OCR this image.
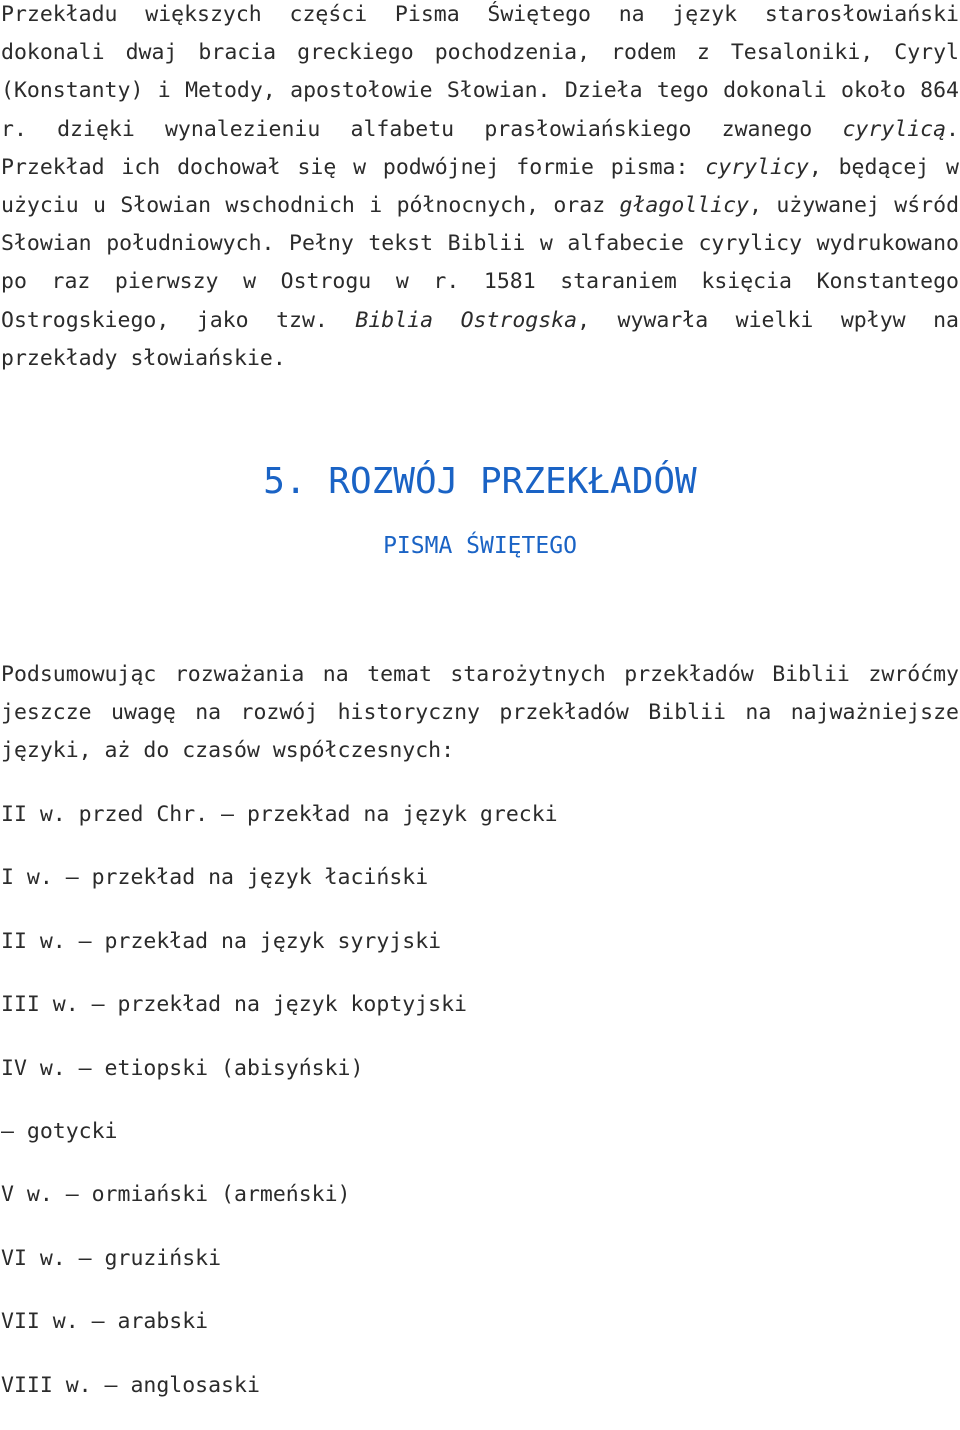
Przekładu większych części Pisma Świętego na język starosłowiański dokonali dwaj bracia greckiego pochodzenia, rodem z Tesaloniki, Cyryl (Konstanty) i Metody, apostołowie Słowian. Dzieła tego dokonali około 864 r. dzięki wynalezieniu alfabetu prasłowiańskiego zwanego cyrylicą. Przekład ich dochował się w podwójnej formie pisma: cyrylicy, będącej w użyciu u Słowian wschodnich i północnych, oraz głagollicy, używanej wśród Słowian południowych. Pełny tekst Biblii w alfabecie cyrylicy wydrukowano po raz pierwszy w Ostrogu w r. 1581 staraniem księcia Konstantego Ostrogskiego, jako tzw. Biblia Ostrogska, wywarła wielki wpływ na przekłady słowiańskie.

5. ROZWÓJ PRZEKŁADÓW
PISMA ŚWIĘTEGO

Podsumowując rozważania na temat starożytnych przekładów Biblii zwróćmy jeszcze uwagę na rozwój historyczny przekładów Biblii na najważniejsze języki, aż do czasów współczesnych:

II w. przed Chr. — przekład na język grecki
I w. — przekład na język łaciński
II w. — przekład na język syryjski
III w. — przekład na język koptyjski
IV w. — etiopski (abisyński)
— gotycki
V w. — ormiański (armeński)
VI w. — gruziński
VII w. — arabski
VIII w. — anglosaski
